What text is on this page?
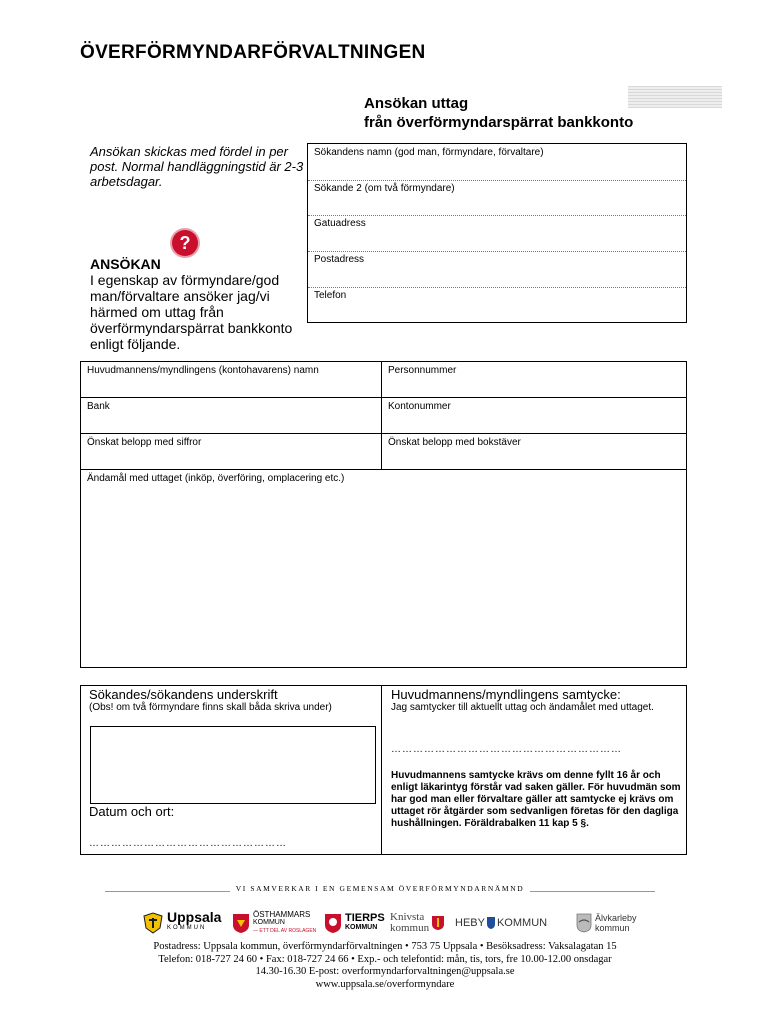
ÖVERFÖRMYNDARFÖRVALTNINGEN
Ansökan uttag
från överförmyndarspärrat bankkonto
Ansökan skickas med fördel in per post. Normal handläggningstid är 2-3 arbetsdagar.
?
ANSÖKAN
I egenskap av förmyndare/god man/förvaltare ansöker jag/vi härmed om uttag från överförmyndarspärrat bankkonto enligt följande.
Sökandens namn (god man, förmyndare, förvaltare)
Sökande 2 (om två förmyndare)
Gatuadress
Postadress
Telefon
Huvudmannens/myndlingens (kontohavarens) namn	Personnummer
Bank	Kontonummer
Önskat belopp med siffror	Önskat belopp med bokstäver
Ändamål med uttaget (inköp, överföring, omplacering etc.)
Sökandes/sökandens underskrift
(Obs! om två förmyndare finns skall båda skriva under)
Datum och ort:
………………………………………………
Huvudmannens/myndlingens samtycke:
Jag samtycker till aktuellt uttag och ändamålet med uttaget.
………………………………………………………
Huvudmannens samtycke krävs om denne fyllt 16 år och enligt läkarintyg förstår vad saken gäller. För huvudmän som har god man eller förvaltare gäller att samtycke ej krävs om uttaget rör åtgärder som sedvanligen företas för den dagliga hushållningen. Föräldrabalken 11 kap 5 §.
VI SAMVERKAR I EN GEMENSAM ÖVERFÖRMYNDARNÄMND
Uppsala
KOMMUN
ÖSTHAMMARS
KOMMUN
— ETT DEL AV ROSLAGEN
TIERPS
KOMMUN
Knivsta
kommun HEBY KOMMUN	Älvkarleby
kommun
Postadress: Uppsala kommun, överförmyndarförvaltningen • 753 75 Uppsala • Besöksadress: Vaksalagatan 15
Telefon: 018-727 24 60 • Fax: 018-727 24 66 • Exp.- och telefontid: mån, tis, tors, fre 10.00-12.00 onsdagar
14.30-16.30 E-post: overformyndarforvaltningen@uppsala.se
www.uppsala.se/overformyndare
